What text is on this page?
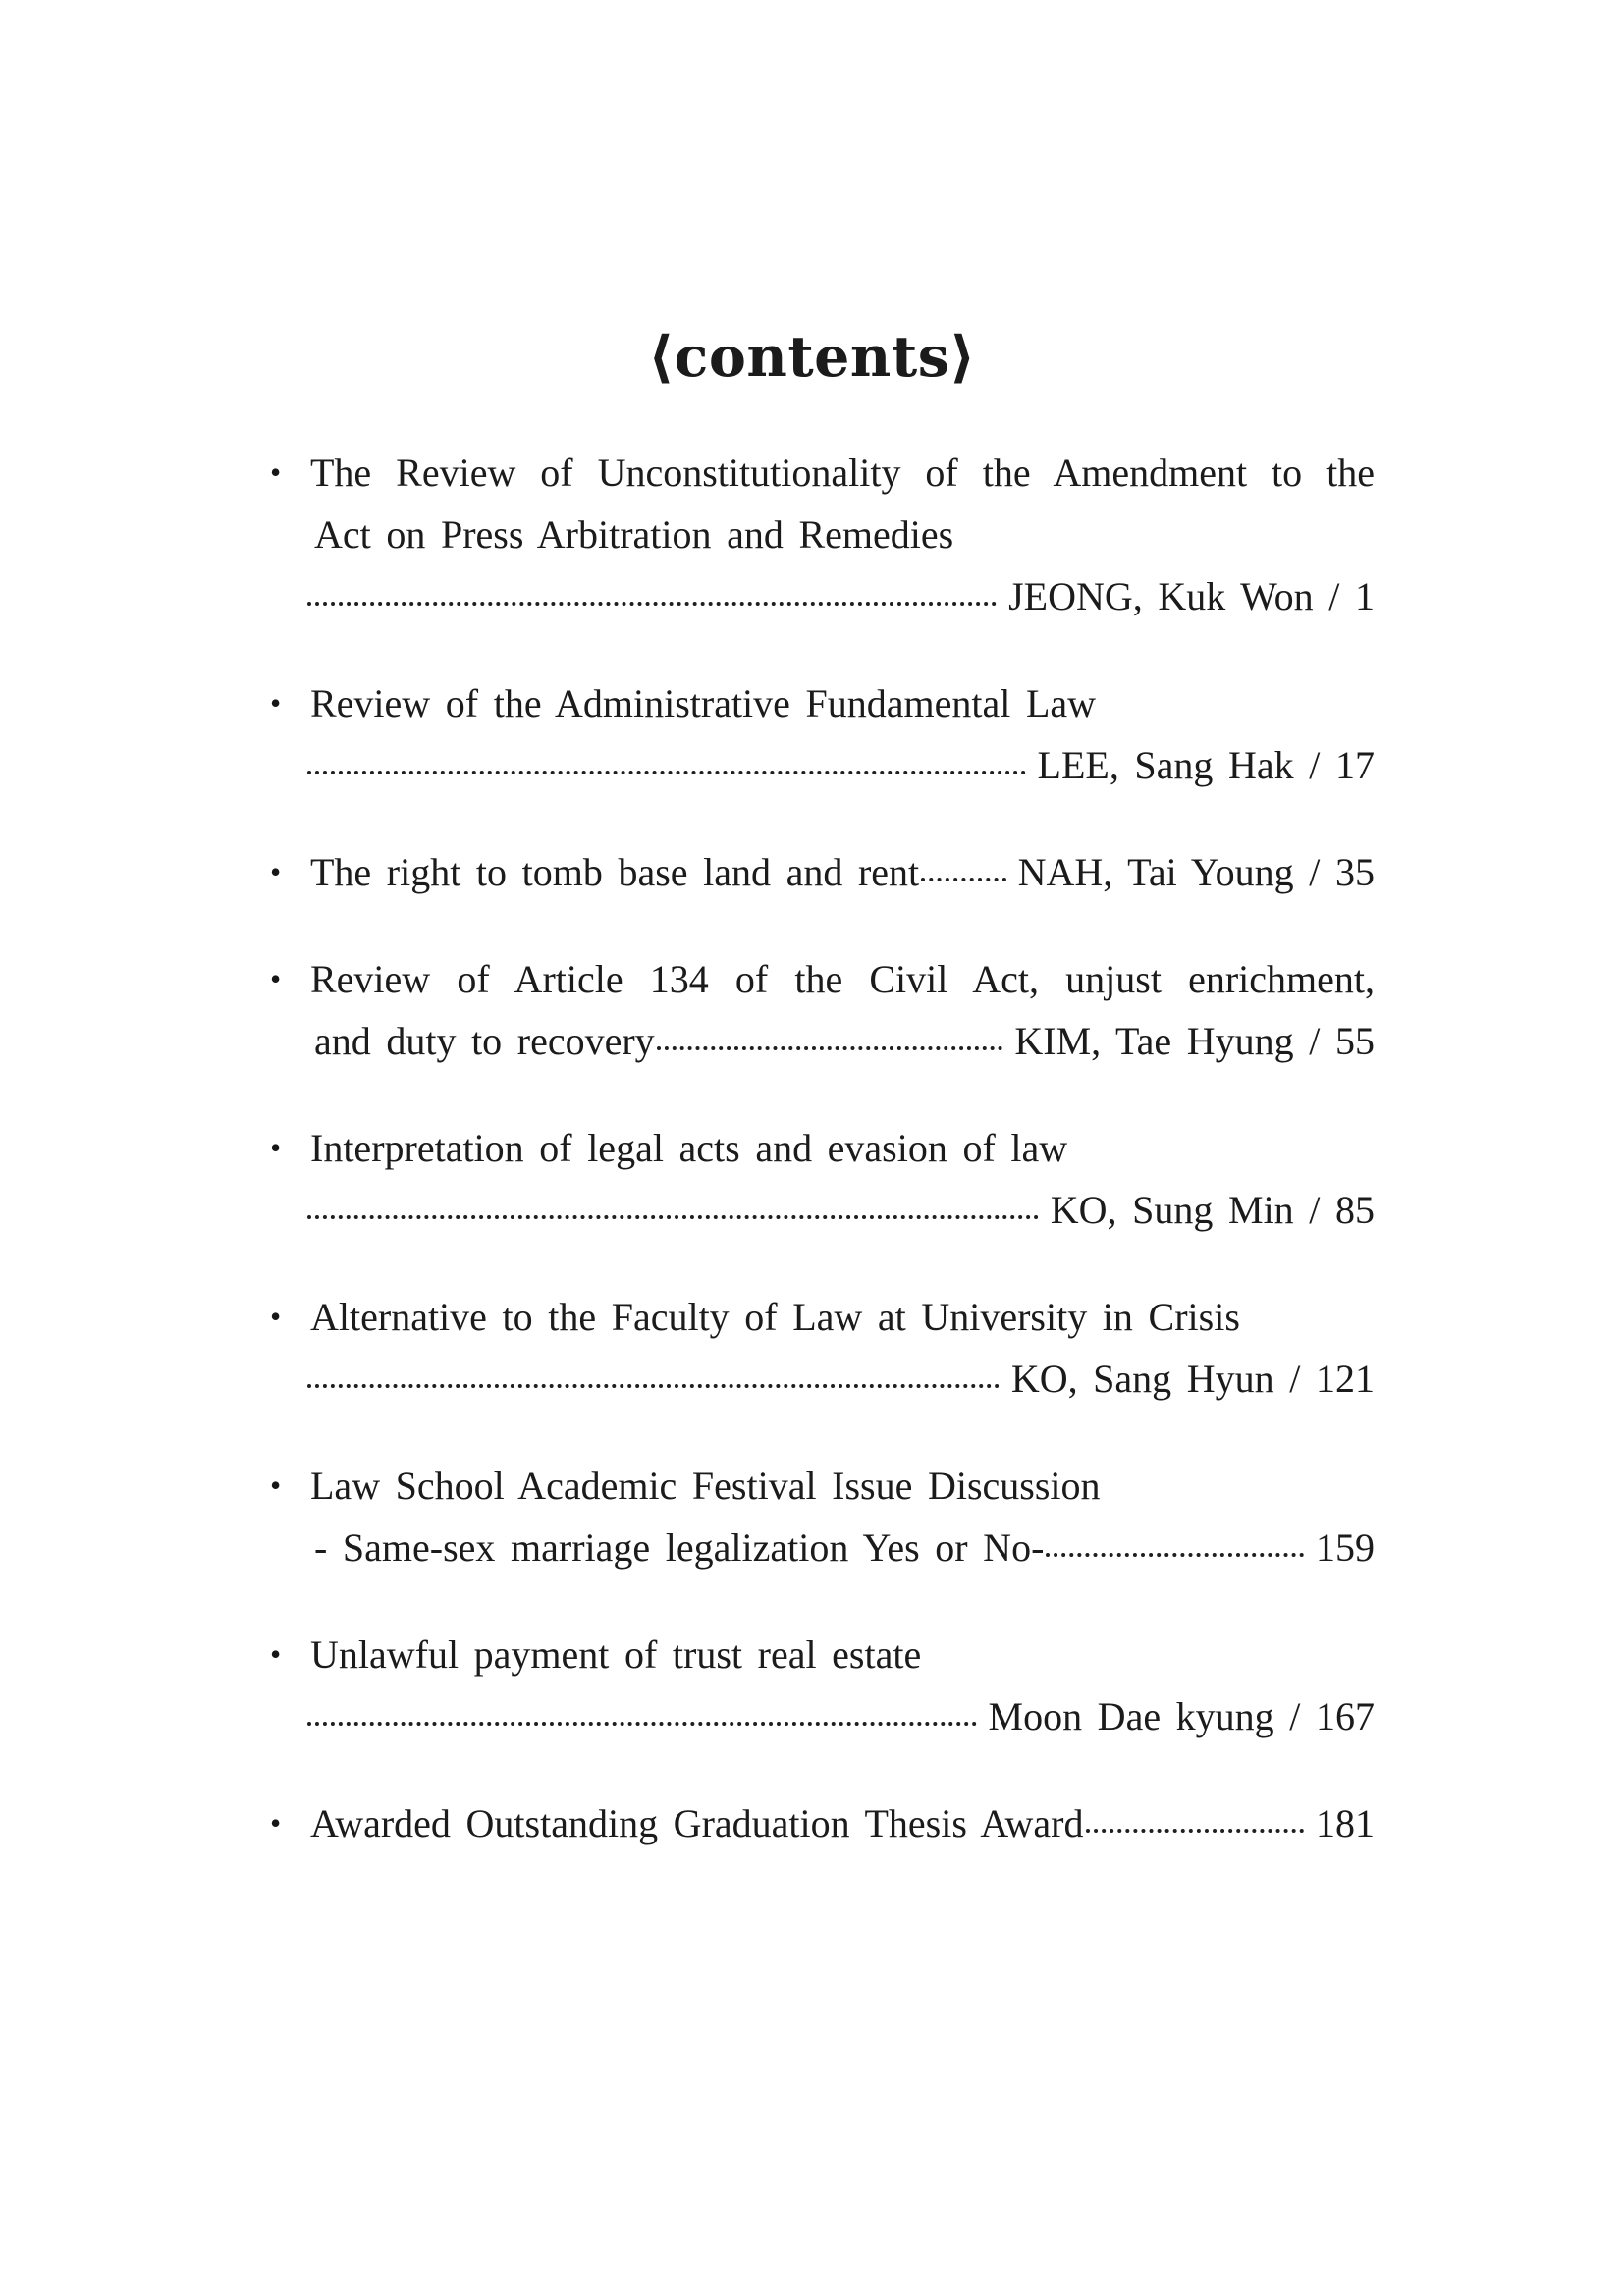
⟨contents⟩
• The Review of Unconstitutionality of the Amendment to the
Act on Press Arbitration and Remedies
JEONG, Kuk Won / 1
• Review of the Administrative Fundamental Law
LEE, Sang Hak / 17
• The right to tomb base land and rent	NAH, Tai Young / 35
• Review of Article 134 of the Civil Act, unjust enrichment,
and duty to recovery	KIM, Tae Hyung / 55
• Interpretation of legal acts and evasion of law
KO, Sung Min / 85
• Alternative to the Faculty of Law at University in Crisis
KO, Sang Hyun / 121
• Law School Academic Festival Issue Discussion
- Same-sex marriage legalization Yes or No-	159
• Unlawful payment of trust real estate
Moon Dae kyung / 167
• Awarded Outstanding Graduation Thesis Award	181
